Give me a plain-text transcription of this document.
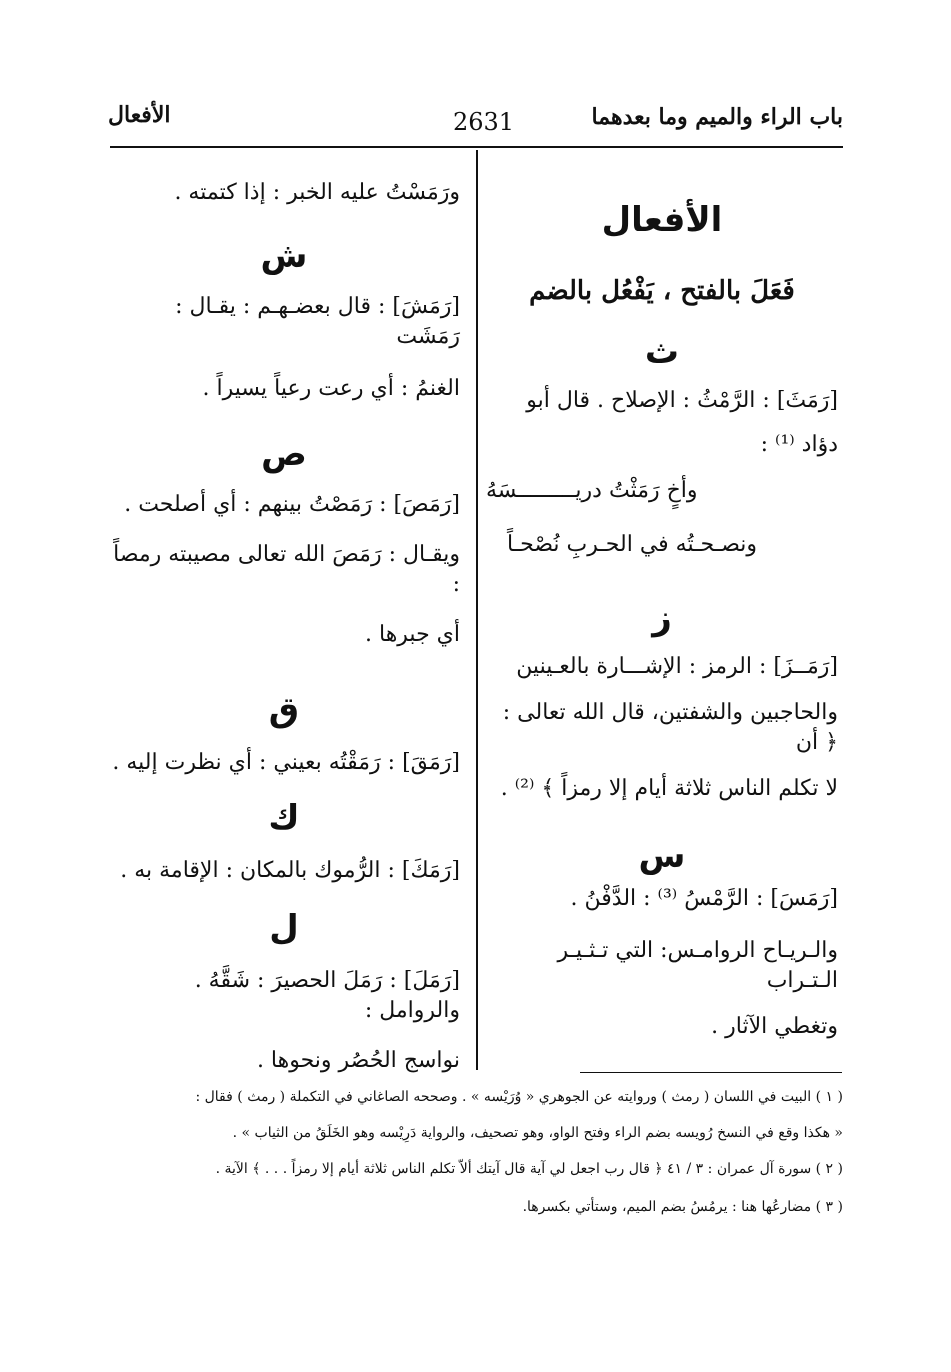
باب الراء والميم وما بعدهما
2631
الأفعال

الأفعال

فَعَلَ بالفتح ، يَفْعُل بالضم

ث

[رَمَثَ] : الرَّمْثُ : الإصلاح . قال أبو

دؤاد ⁽¹⁾ :

وأخٍ رَمَثْتُ دريـــــــــسَهُ

ونصـحـتُه في الحـربِ نُصْحـاً

ز

[رَمَــزَ] : الرمز : الإشـــارة بالعـينين

والحاجبين والشفتين، قال الله تعالى : ﴿ أن

لا تكلم الناس ثلاثة أيام إلا رمزاً ﴾ ⁽²⁾ .

س

[رَمَسَ] : الرَّمْسُ ⁽³⁾ : الدَّفْنُ .

والـريـاح الروامـس: التي تـثـيـر الـتـراب

وتغطي الآثار .

ورَمَسْتُ عليه الخبر : إذا كتمته .

ش

[رَمَشَ] : قال بعضـهـم : يقـال : رَمَشَت

الغنمُ : أي رعت رعياً يسيراً .

ص

[رَمَصَ] : رَمَصْتُ بينهم : أي أصلحت .

ويقـال : رَمَصَ الله تعالى مصيبته رمصاً :

أي جبرها .

ق

[رَمَقَ] : رَمَقْتُه بعيني : أي نظرت إليه .

ك

[رَمَكَ] : الرُّموك بالمكان : الإقامة به .

ل

[رَمَلَ] : رَمَلَ الحصيرَ : شَقَّهُ . والروامل :

نواسج الحُصُر ونحوها .

( ١ ) البيت في اللسان ( رمث ) وروايته عن الجوهري « وُرَيْسه » . وصححه الصاغاني في التكملة ( رمث ) فقال :
« هكذا وقع في النسخ رُويسه بضم الراء وفتح الواو، وهو تصحيف، والرواية دَرِيْسه وهو الخَلَقُ من الثياب » .
( ٢ ) سورة آل عمران : ٣ / ٤١ ﴿ قال رب اجعل لي آية قال آيتك ألاّ تكلم الناس ثلاثة أيام إلا رمزاً . . . ﴾ الآية .
( ٣ ) مضارعُها هنا : يرمُسُ بضم الميم، وستأتي بكسرها.
